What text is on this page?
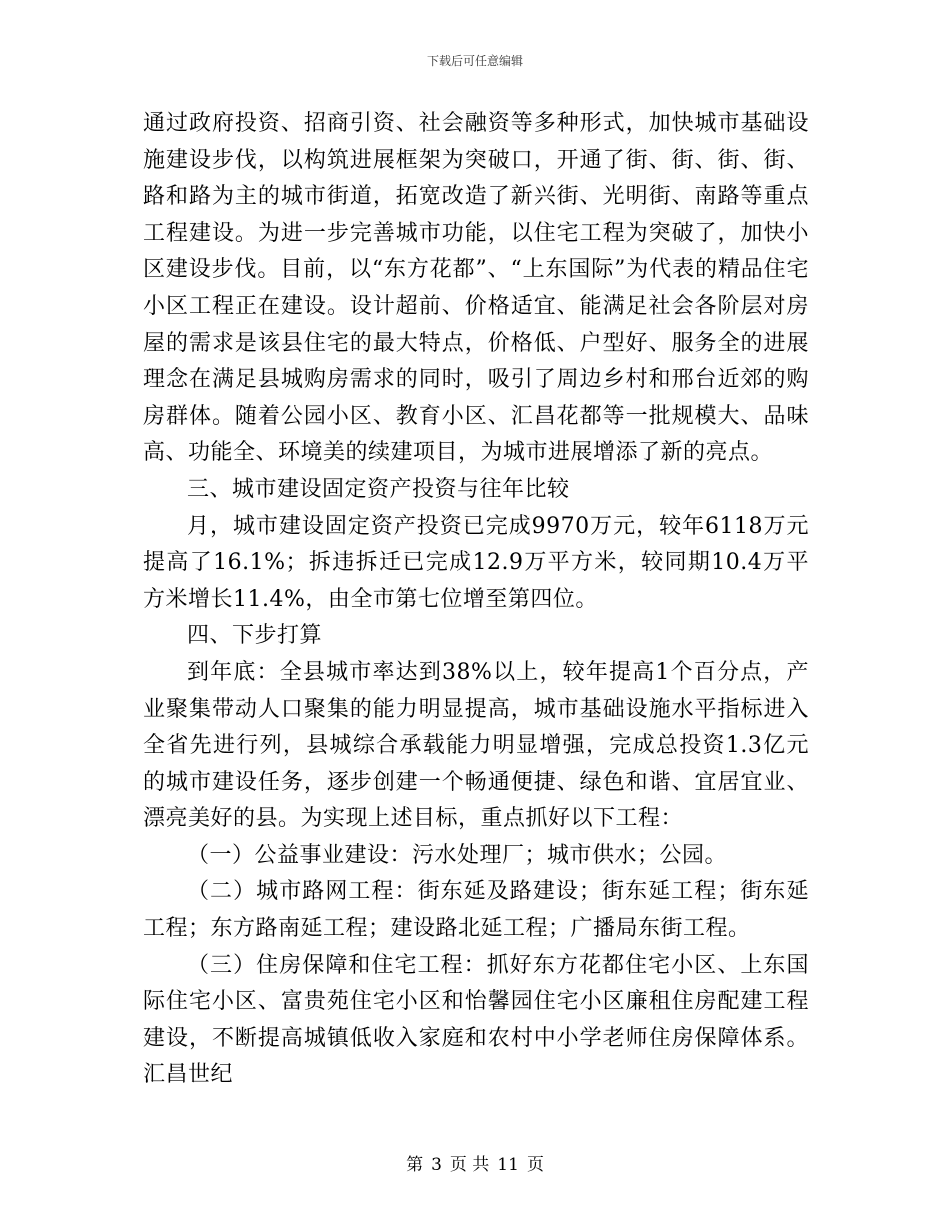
下载后可任意编辑

通过政府投资、招商引资、社会融资等多种形式，加快城市基础设施建设步伐，以构筑进展框架为突破口，开通了街、街、街、街、路和路为主的城市街道，拓宽改造了新兴街、光明街、南路等重点工程建设。为进一步完善城市功能，以住宅工程为突破了，加快小区建设步伐。目前，以“东方花都”、“上东国际”为代表的精品住宅小区工程正在建设。设计超前、价格适宜、能满足社会各阶层对房屋的需求是该县住宅的最大特点，价格低、户型好、服务全的进展理念在满足县城购房需求的同时，吸引了周边乡村和邢台近郊的购房群体。随着公园小区、教育小区、汇昌花都等一批规模大、品味高、功能全、环境美的续建项目，为城市进展增添了新的亮点。

三、城市建设固定资产投资与往年比较

月，城市建设固定资产投资已完成9970万元，较年6118万元提高了16.1%；拆违拆迁已完成12.9万平方米，较同期10.4万平方米增长11.4%，由全市第七位增至第四位。

四、下步打算

到年底：全县城市率达到38%以上，较年提高1个百分点，产业聚集带动人口聚集的能力明显提高，城市基础设施水平指标进入全省先进行列，县城综合承载能力明显增强，完成总投资1.3亿元的城市建设任务，逐步创建一个畅通便捷、绿色和谐、宜居宜业、漂亮美好的县。为实现上述目标，重点抓好以下工程：

（一）公益事业建设：污水处理厂；城市供水；公园。

（二）城市路网工程：街东延及路建设；街东延工程；街东延工程；东方路南延工程；建设路北延工程；广播局东街工程。

（三）住房保障和住宅工程：抓好东方花都住宅小区、上东国际住宅小区、富贵苑住宅小区和怡馨园住宅小区廉租住房配建工程建设，不断提高城镇低收入家庭和农村中小学老师住房保障体系。汇昌世纪

第 3 页 共 11 页
